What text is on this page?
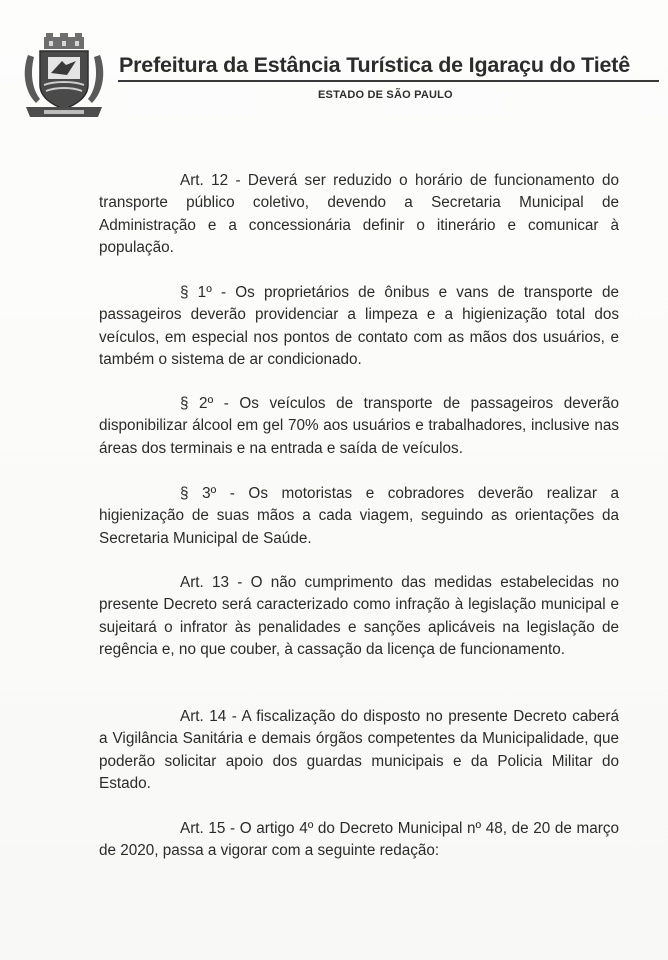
Prefeitura da Estância Turística de Igaraçu do Tietê
ESTADO DE SÃO PAULO

Art. 12 - Deverá ser reduzido o horário de funcionamento do transporte público coletivo, devendo a Secretaria Municipal de Administração e a concessionária definir o itinerário e comunicar à população.

§ 1º - Os proprietários de ônibus e vans de transporte de passageiros deverão providenciar a limpeza e a higienização total dos veículos, em especial nos pontos de contato com as mãos dos usuários, e também o sistema de ar condicionado.

§ 2º - Os veículos de transporte de passageiros deverão disponibilizar álcool em gel 70% aos usuários e trabalhadores, inclusive nas áreas dos terminais e na entrada e saída de veículos.

§ 3º - Os motoristas e cobradores deverão realizar a higienização de suas mãos a cada viagem, seguindo as orientações da Secretaria Municipal de Saúde.

Art. 13 - O não cumprimento das medidas estabelecidas no presente Decreto será caracterizado como infração à legislação municipal e sujeitará o infrator às penalidades e sanções aplicáveis na legislação de regência e, no que couber, à cassação da licença de funcionamento.

Art. 14 - A fiscalização do disposto no presente Decreto caberá a Vigilância Sanitária e demais órgãos competentes da Municipalidade, que poderão solicitar apoio dos guardas municipais e da Policia Militar do Estado.

Art. 15 - O artigo 4º do Decreto Municipal nº 48, de 20 de março de 2020, passa a vigorar com a seguinte redação:
